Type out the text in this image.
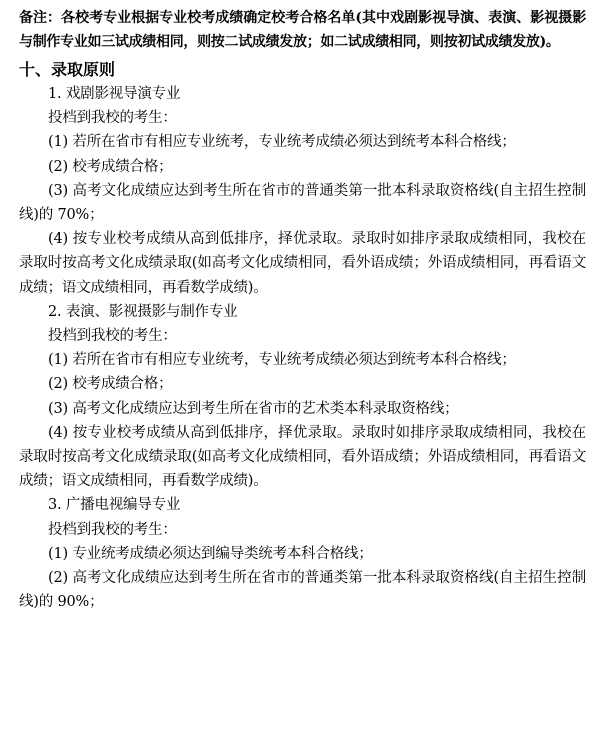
备注：各校考专业根据专业校考成绩确定校考合格名单(其中戏剧影视导演、表演、影视摄影与制作专业如三试成绩相同，则按二试成绩发放；如二试成绩相同，则按初试成绩发放)。

十、录取原则

1. 戏剧影视导演专业

投档到我校的考生：

(1) 若所在省市有相应专业统考，专业统考成绩必须达到统考本科合格线；

(2) 校考成绩合格；

(3) 高考文化成绩应达到考生所在省市的普通类第一批本科录取资格线(自主招生控制线)的 70%；

(4) 按专业校考成绩从高到低排序，择优录取。录取时如排序录取成绩相同，我校在录取时按高考文化成绩录取(如高考文化成绩相同，看外语成绩；外语成绩相同，再看语文成绩；语文成绩相同，再看数学成绩)。

2. 表演、影视摄影与制作专业

投档到我校的考生：

(1) 若所在省市有相应专业统考，专业统考成绩必须达到统考本科合格线；

(2) 校考成绩合格；

(3) 高考文化成绩应达到考生所在省市的艺术类本科录取资格线；

(4) 按专业校考成绩从高到低排序，择优录取。录取时如排序录取成绩相同，我校在录取时按高考文化成绩录取(如高考文化成绩相同，看外语成绩；外语成绩相同，再看语文成绩；语文成绩相同，再看数学成绩)。

3. 广播电视编导专业

投档到我校的考生：

(1) 专业统考成绩必须达到编导类统考本科合格线；

(2) 高考文化成绩应达到考生所在省市的普通类第一批本科录取资格线(自主招生控制线)的 90%；
